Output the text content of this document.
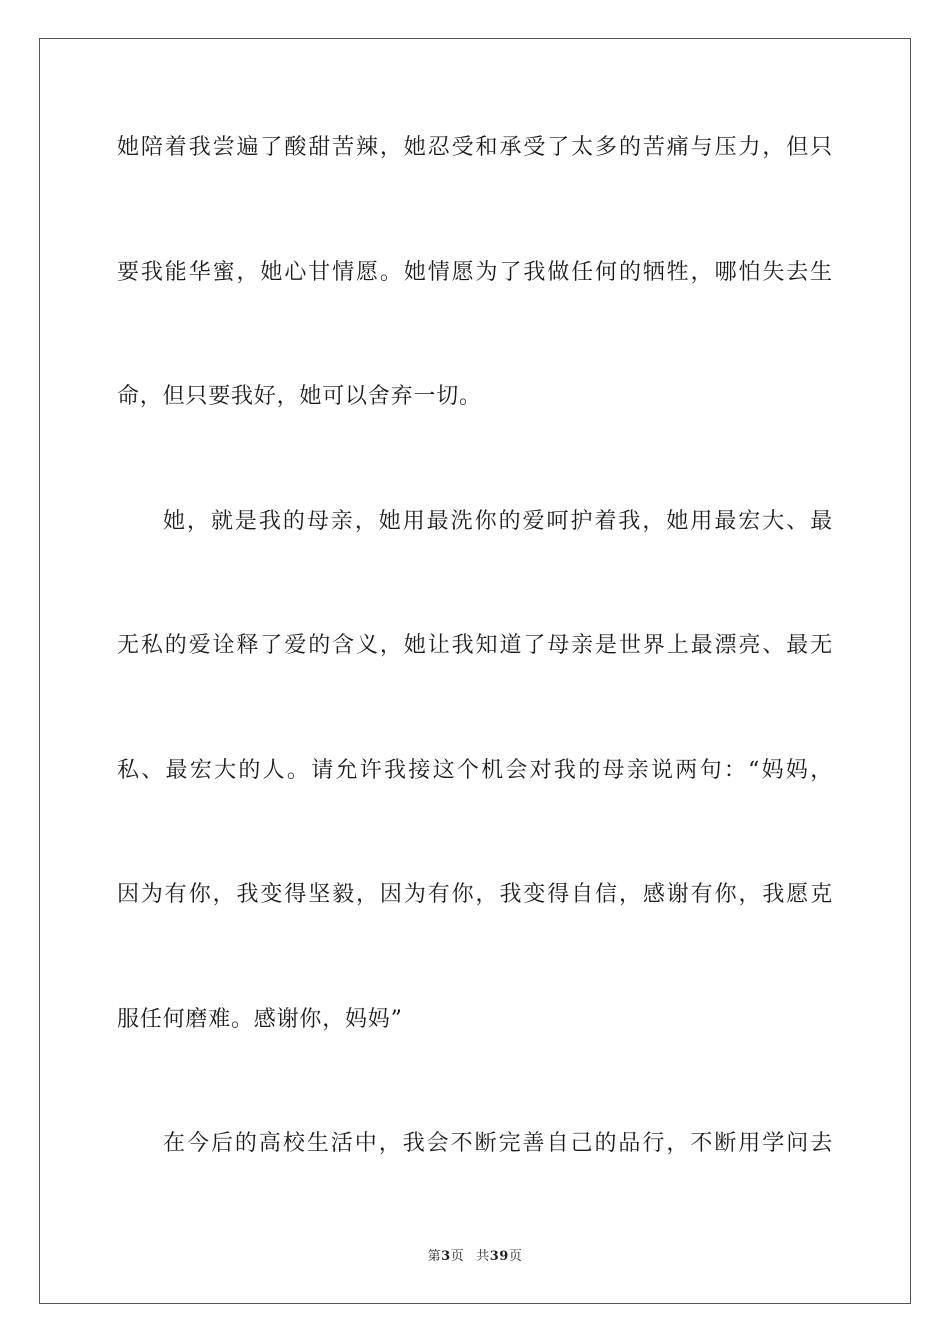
她陪着我尝遍了酸甜苦辣，她忍受和承受了太多的苦痛与压力，但只
要我能华蜜，她心甘情愿。她情愿为了我做任何的牺牲，哪怕失去生
命，但只要我好，她可以舍弃一切。
她，就是我的母亲，她用最洗你的爱呵护着我，她用最宏大、最
无私的爱诠释了爱的含义，她让我知道了母亲是世界上最漂亮、最无
私、最宏大的人。请允许我接这个机会对我的母亲说两句：“妈妈，
因为有你，我变得坚毅，因为有你，我变得自信，感谢有你，我愿克
服任何磨难。感谢你，妈妈”
在今后的高校生活中，我会不断完善自己的品行，不断用学问去
第3页 共39页
